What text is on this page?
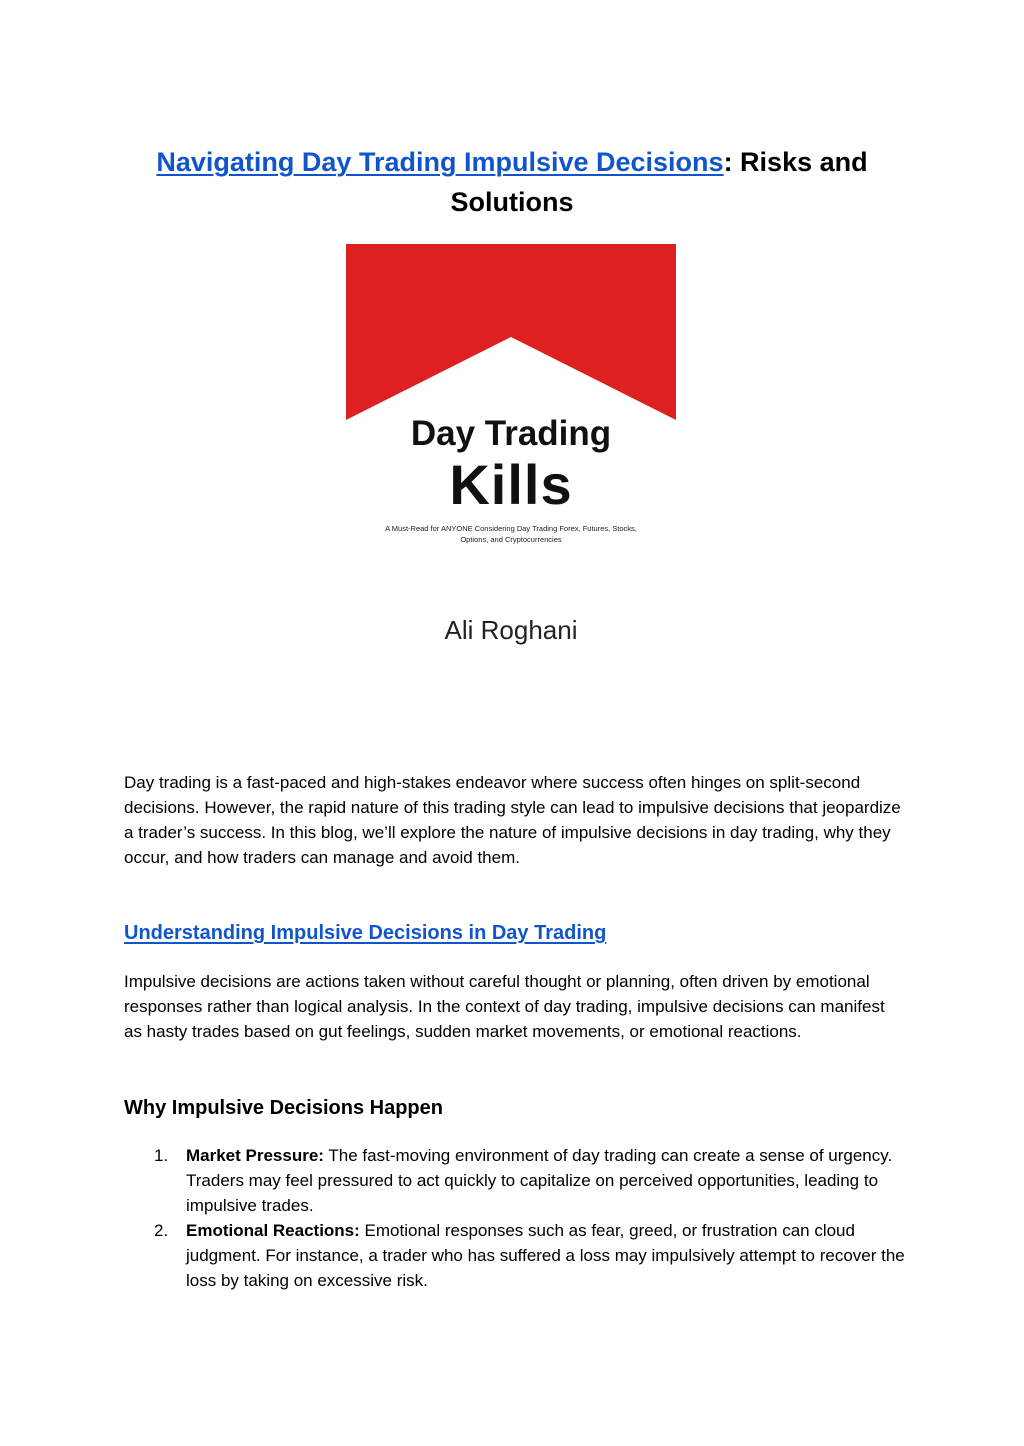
Navigating Day Trading Impulsive Decisions: Risks and Solutions
Day Trading
Kills
A Must-Read for ANYONE Considering Day Trading Forex, Futures, Stocks, Options, and Cryptocurrencies
Ali Roghani

Day trading is a fast-paced and high-stakes endeavor where success often hinges on split-second decisions. However, the rapid nature of this trading style can lead to impulsive decisions that jeopardize a trader’s success. In this blog, we’ll explore the nature of impulsive decisions in day trading, why they occur, and how traders can manage and avoid them.

Understanding Impulsive Decisions in Day Trading

Impulsive decisions are actions taken without careful thought or planning, often driven by emotional responses rather than logical analysis. In the context of day trading, impulsive decisions can manifest as hasty trades based on gut feelings, sudden market movements, or emotional reactions.

Why Impulsive Decisions Happen
1. Market Pressure: The fast-moving environment of day trading can create a sense of urgency. Traders may feel pressured to act quickly to capitalize on perceived opportunities, leading to impulsive trades.
2. Emotional Reactions: Emotional responses such as fear, greed, or frustration can cloud judgment. For instance, a trader who has suffered a loss may impulsively attempt to recover the loss by taking on excessive risk.
